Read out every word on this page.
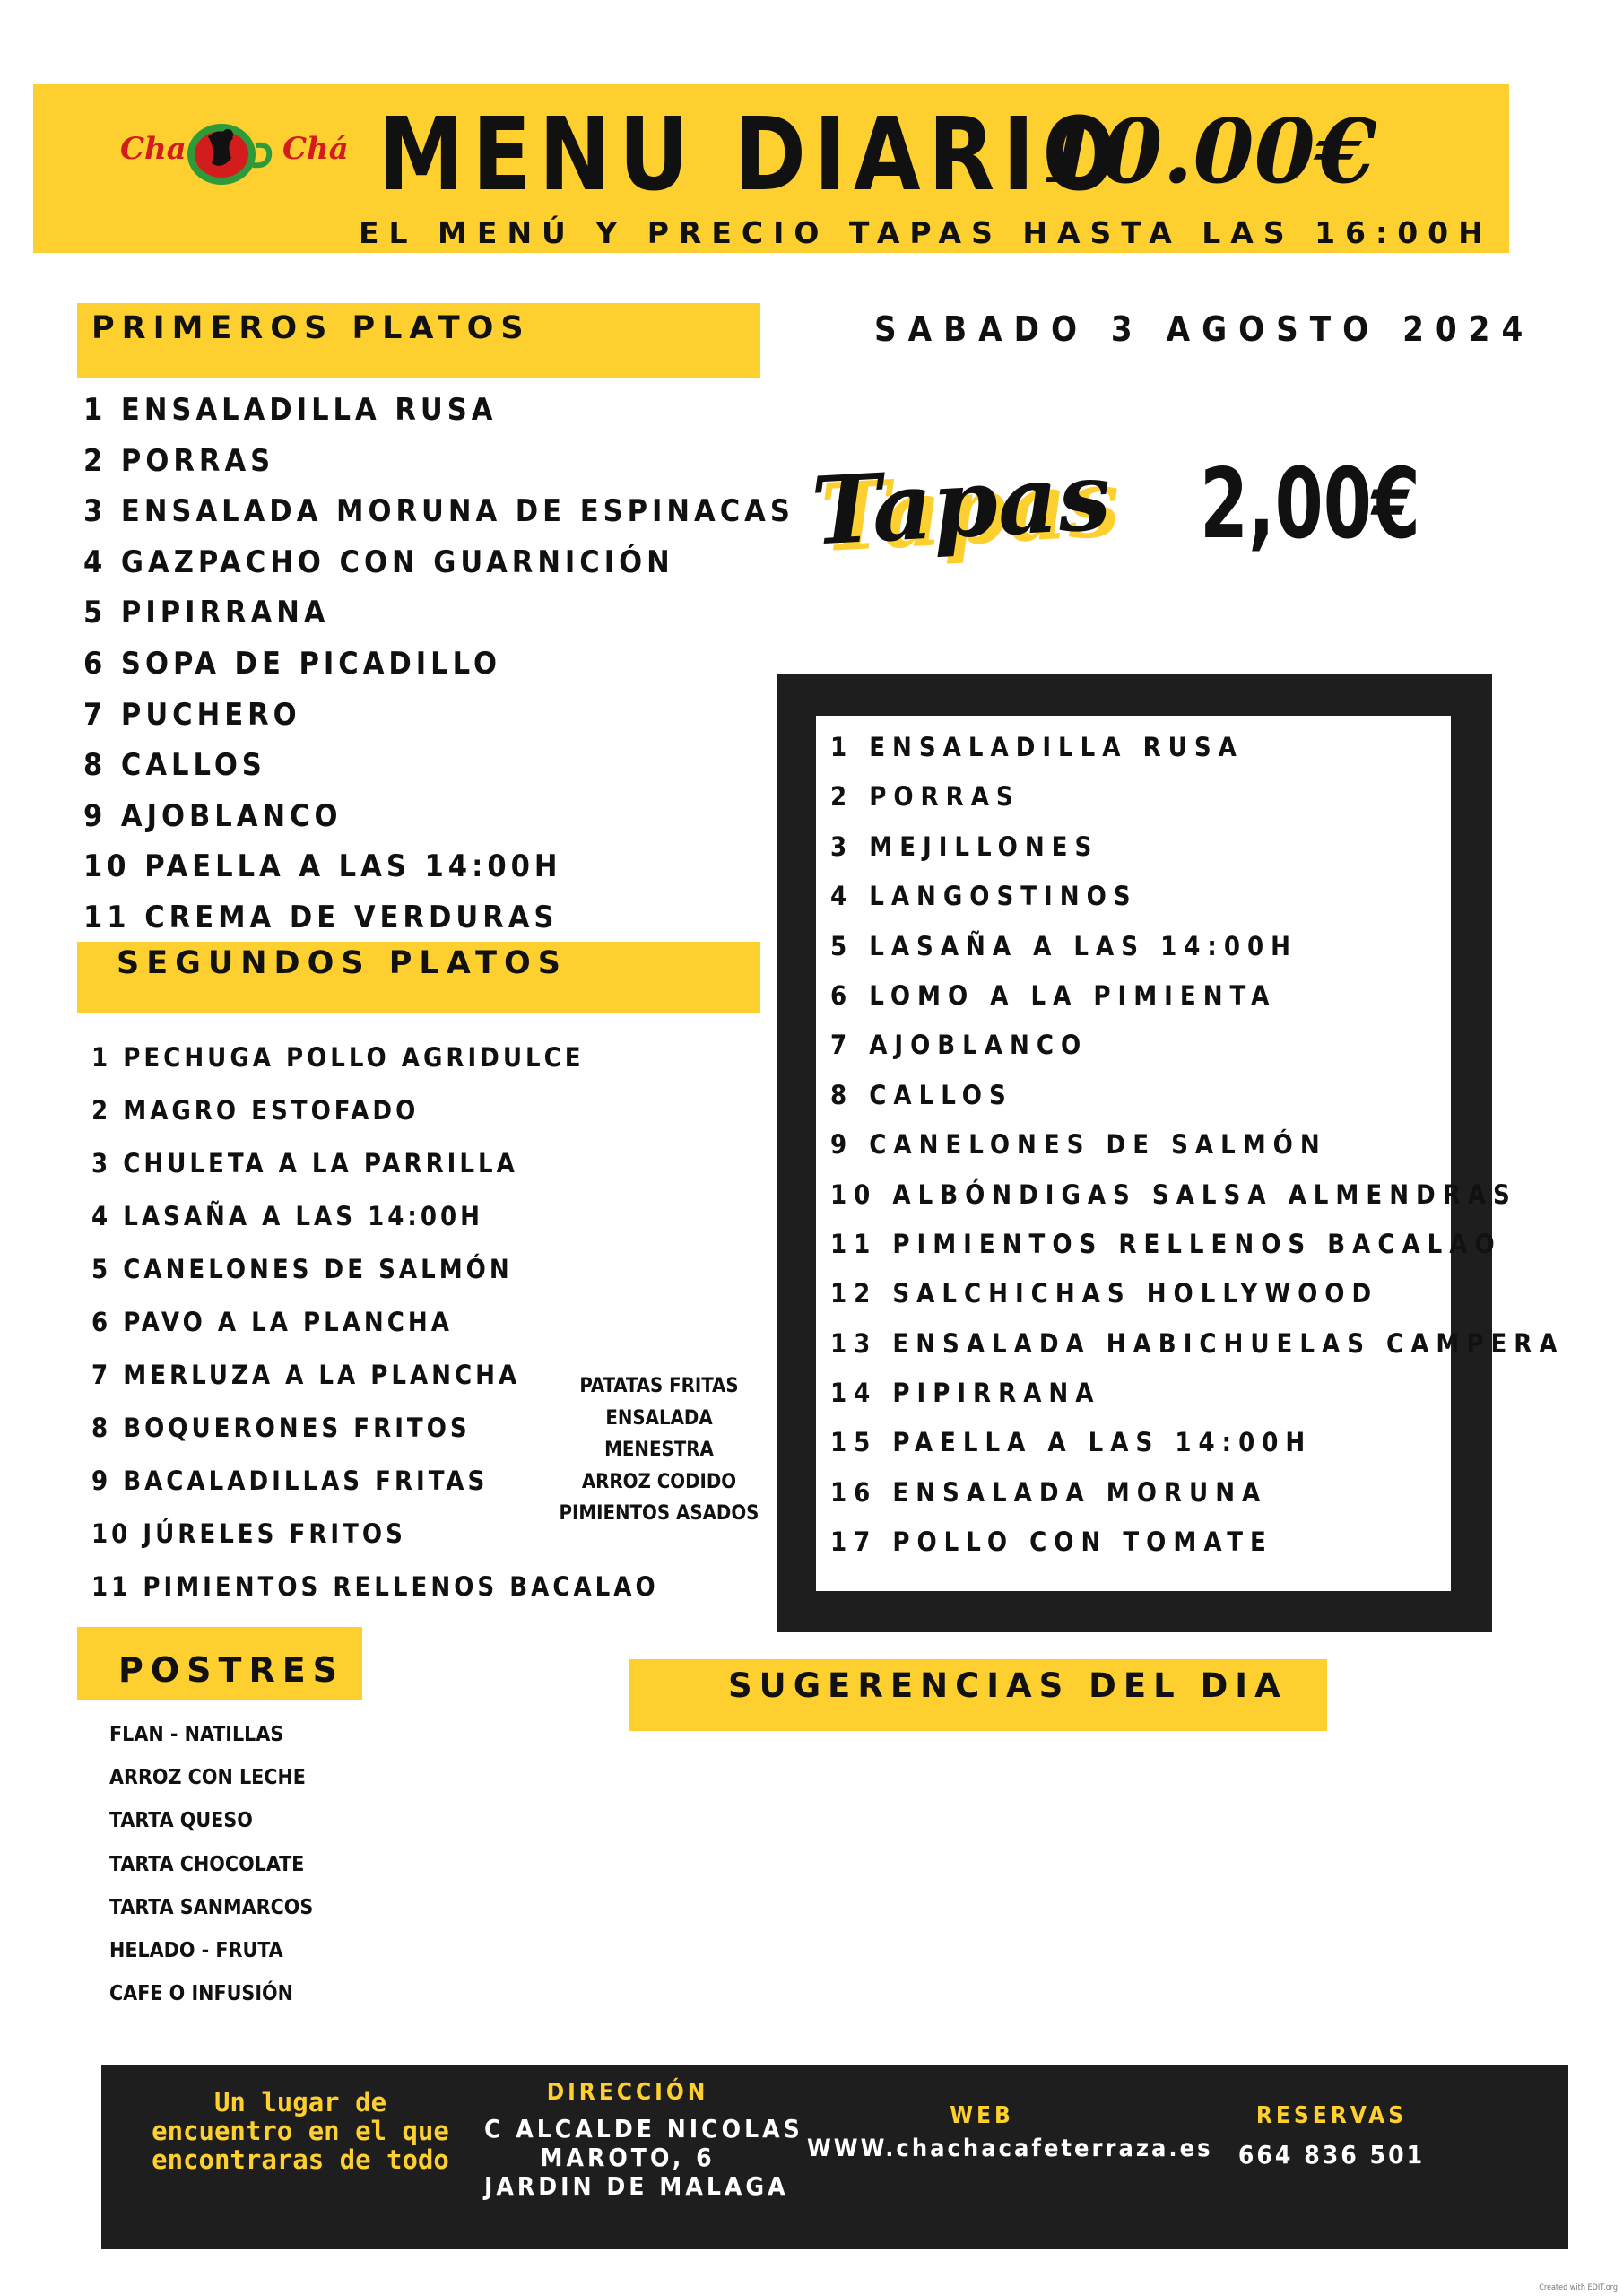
Cha	Chá MENU DIARIO
10.00€
EL MENÚ Y PRECIO TAPAS HASTA LAS 16:00H
PRIMEROS PLATOS
1 ENSALADILLA RUSA
2 PORRAS
3 ENSALADA MORUNA DE ESPINACAS
4 GAZPACHO CON GUARNICIÓN
5 PIPIRRANA
6 SOPA DE PICADILLO
7 PUCHERO
8 CALLOS
9 AJOBLANCO
10 PAELLA A LAS 14:00H
11 CREMA DE VERDURAS
SEGUNDOS PLATOS
1 PECHUGA POLLO AGRIDULCE
2 MAGRO ESTOFADO
3 CHULETA A LA PARRILLA
4 LASAÑA A LAS 14:00H
5 CANELONES DE SALMÓN
6 PAVO A LA PLANCHA
7 MERLUZA A LA PLANCHA
8 BOQUERONES FRITOS
9 BACALADILLAS FRITAS
10 JÚRELES FRITOS
11 PIMIENTOS RELLENOS BACALAO
PATATAS FRITAS
ENSALADA
MENESTRA
ARROZ CODIDO
PIMIENTOS ASADOS
SABADO 3 AGOSTO 2024
Tapas 2,00€
1 ENSALADILLA RUSA
2 PORRAS
3 MEJILLONES
4 LANGOSTINOS
5 LASAÑA A LAS 14:00H
6 LOMO A LA PIMIENTA
7 AJOBLANCO
8 CALLOS
9 CANELONES DE SALMÓN
10 ALBÓNDIGAS SALSA ALMENDRAS
11 PIMIENTOS RELLENOS BACALAO
12 SALCHICHAS HOLLYWOOD
13 ENSALADA HABICHUELAS CAMPERA
14 PIPIRRANA
15 PAELLA A LAS 14:00H
16 ENSALADA MORUNA
17 POLLO CON TOMATE
POSTRES
FLAN - NATILLAS
ARROZ CON LECHE
TARTA QUESO
TARTA CHOCOLATE
TARTA SANMARCOS
HELADO - FRUTA
CAFE O INFUSIÓN
SUGERENCIAS DEL DIA
Un lugar de
encuentro en el que
encontraras de todo
DIRECCIÓN
C ALCALDE NICOLAS
MAROTO, 6
JARDIN DE MALAGA
WEB
WWW.chachacafeterraza.es
RESERVAS
664 836 501
Created with EDIT.org
